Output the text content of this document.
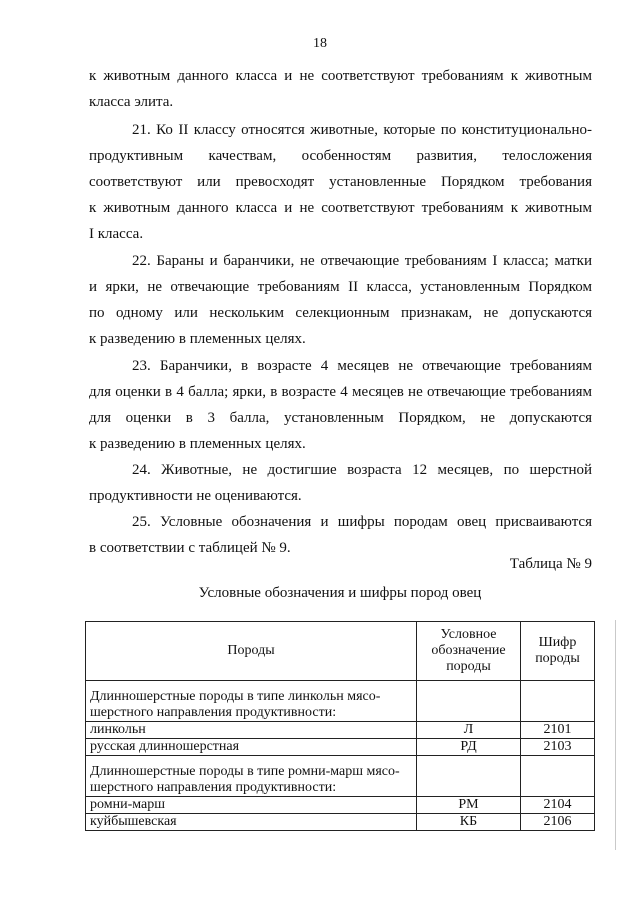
18
к животным данного класса и не соответствуют требованиям к животным
класса элита.
21. Ко II классу относятся животные, которые по конституционально-
продуктивным качествам, особенностям развития, телосложения
соответствуют или превосходят установленные Порядком требования
к животным данного класса и не соответствуют требованиям к животным
I класса.
22. Бараны и баранчики, не отвечающие требованиям I класса; матки
и ярки, не отвечающие требованиям II класса, установленным Порядком
по одному или нескольким селекционным признакам, не допускаются
к разведению в племенных целях.
23. Баранчики, в возрасте 4 месяцев не отвечающие требованиям
для оценки в 4 балла; ярки, в возрасте 4 месяцев не отвечающие требованиям
для оценки в 3 балла, установленным Порядком, не допускаются
к разведению в племенных целях.
24. Животные, не достигшие возраста 12 месяцев, по шерстной
продуктивности не оцениваются.
25. Условные обозначения и шифры породам овец присваиваются
в соответствии с таблицей № 9.
Таблица № 9
Условные обозначения и шифры пород овец
Породы	Условное обозначение породы	Шифр породы
Длинношерстные породы в типе линкольн мясо-шерстного направления продуктивности:		
линкольн	Л	2101
русская длинношерстная	РД	2103
Длинношерстные породы в типе ромни-марш мясо-шерстного направления продуктивности:		
ромни-марш	РМ	2104
куйбышевская	КБ	2106
